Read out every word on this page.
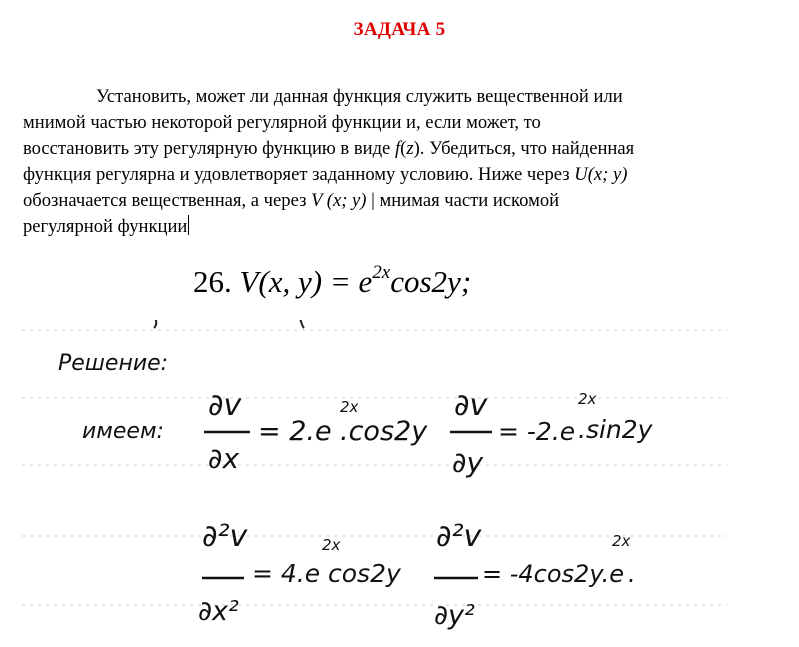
ЗАДАЧА 5

Установить, может ли данная функция служить вещественной или

мнимой частью некоторой регулярной функции и, если может, то

восстановить эту регулярную функцию в виде f(z). Убедиться, что найденная

функция регулярна и удовлетворяет заданному условию. Ниже через U(x; y)

обозначается вещественная, а через V (x; y) | мнимая части искомой

регулярной функции

26. V(x, $y) = e^{2x}\cos 2y$;
Решение:
имеем:
∂v
∂x
= 2.e
2x
.cos2y
∂v
∂y
= -2.e
2x
.sin2y
∂²v
∂x²
= 4.e
2x
cos2y
∂²v
∂y²
= -4cos2y.e
2x
.
